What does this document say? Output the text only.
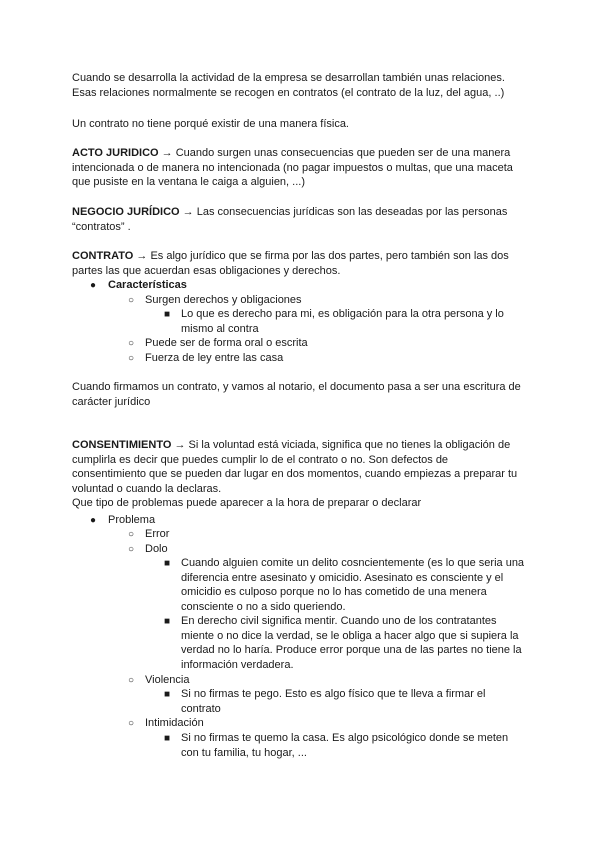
Cuando se desarrolla la actividad de la empresa se desarrollan también unas relaciones.
Esas relaciones normalmente se recogen en contratos (el contrato de la luz, del agua, ..)

Un contrato no tiene porqué existir de una manera física.

ACTO JURIDICO → Cuando surgen unas consecuencias que pueden ser de una manera
intencionada o de manera no intencionada (no pagar impuestos o multas, que una maceta
que pusiste en la ventana le caiga a alguien, ...)

NEGOCIO JURÍDICO → Las consecuencias jurídicas son las deseadas por las personas
“contratos” .

CONTRATO → Es algo jurídico que se firma por las dos partes, pero también son las dos
partes las que acuerdan esas obligaciones y derechos.

● Características

○ Surgen derechos y obligaciones

■ Lo que es derecho para mi, es obligación para la otra persona y lo
mismo al contra

○ Puede ser de forma oral o escrita

○ Fuerza de ley entre las casa

Cuando firmamos un contrato, y vamos al notario, el documento pasa a ser una escritura de
carácter jurídico

CONSENTIMIENTO → Si la voluntad está viciada, significa que no tienes la obligación de
cumplirla es decir que puedes cumplir lo de el contrato o no. Son defectos de
consentimiento que se pueden dar lugar en dos momentos, cuando empiezas a preparar tu
voluntad o cuando la declaras.
Que tipo de problemas puede aparecer a la hora de preparar o declarar

● Problema

○ Error

○ Dolo

■ Cuando alguien comite un delito cosncientemente (es lo que seria una
diferencia entre asesinato y omicidio. Asesinato es consciente y el
omicidio es culposo porque no lo has cometido de una menera
consciente o no a sido queriendo.

■ En derecho civil significa mentir. Cuando uno de los contratantes
miente o no dice la verdad, se le obliga a hacer algo que si supiera la
verdad no lo haría. Produce error porque una de las partes no tiene la
información verdadera.

○ Violencia

■ Si no firmas te pego. Esto es algo físico que te lleva a firmar el
contrato

○ Intimidación

■ Si no firmas te quemo la casa. Es algo psicológico donde se meten
con tu familia, tu hogar, ...
